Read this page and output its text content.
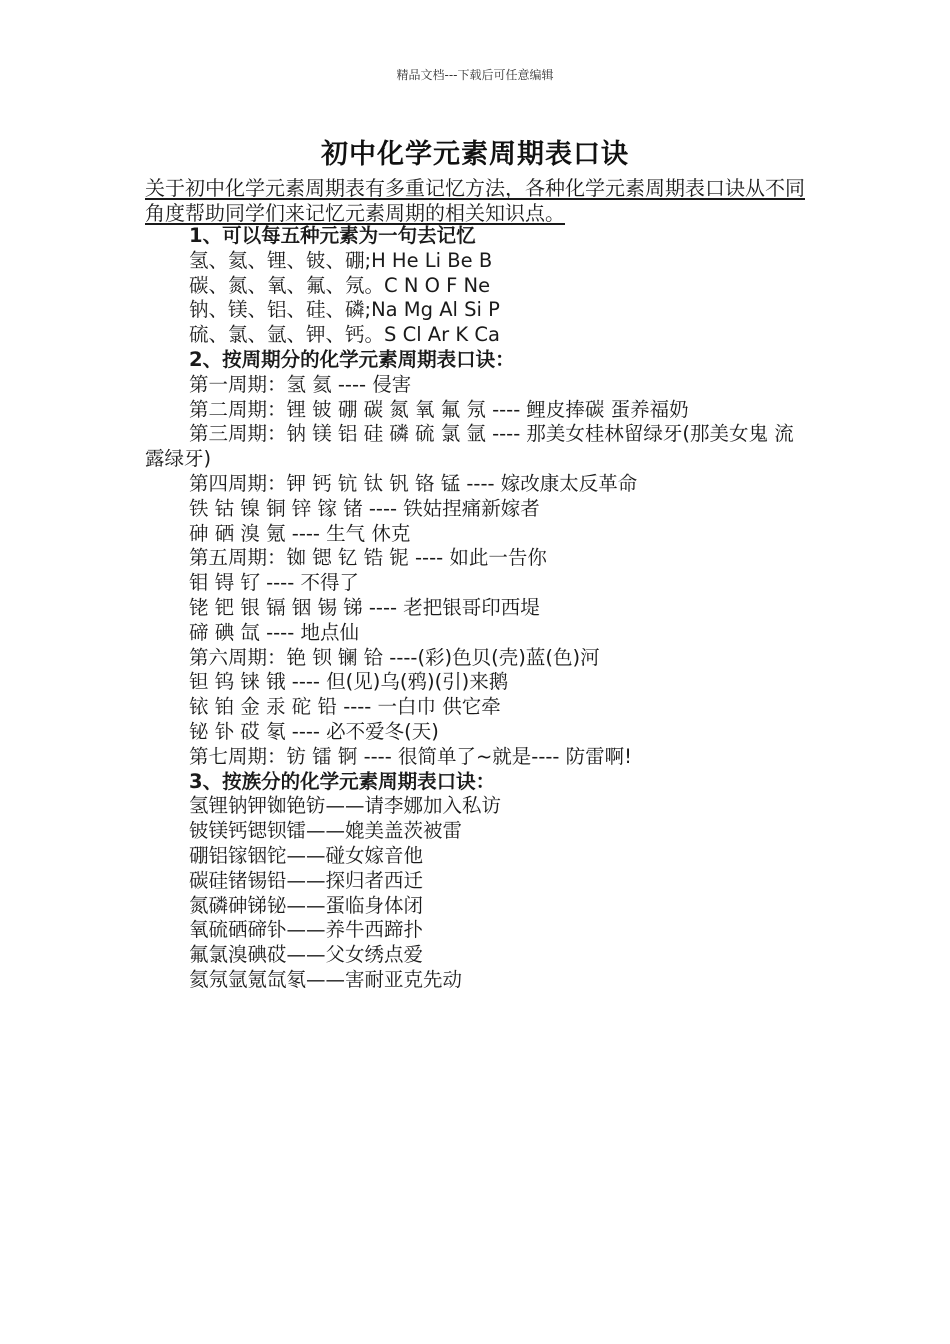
精品文档---下载后可任意编辑
初中化学元素周期表口诀
关于初中化学元素周期表有多重记忆方法，各种化学元素周期表口诀从不同角度帮助同学们来记忆元素周期的相关知识点。
1、可以每五种元素为一句去记忆
氢、氦、锂、铍、硼;H He Li Be B
碳、氮、氧、氟、氖。C N O F Ne
钠、镁、铝、硅、磷;Na Mg Al Si P
硫、氯、氩、钾、钙。S Cl Ar K Ca
2、按周期分的化学元素周期表口诀：
第一周期：氢 氦 ---- 侵害
第二周期：锂 铍 硼 碳 氮 氧 氟 氖 ---- 鲤皮捧碳 蛋养福奶
第三周期：钠 镁 铝 硅 磷 硫 氯 氩 ---- 那美女桂林留绿牙(那美女鬼 流露绿牙)
第四周期：钾 钙 钪 钛 钒 铬 锰 ---- 嫁改康太反革命
铁 钴 镍 铜 锌 镓 锗 ---- 铁姑捏痛新嫁者
砷 硒 溴 氪 ---- 生气 休克
第五周期：铷 锶 钇 锆 铌 ---- 如此一告你
钼 锝 钌 ---- 不得了
铑 钯 银 镉 铟 锡 锑 ---- 老把银哥印西堤
碲 碘 氙 ---- 地点仙
第六周期：铯 钡 镧 铪 ----(彩)色贝(壳)蓝(色)河
钽 钨 铼 锇 ---- 但(见)乌(鸦)(引)来鹅
铱 铂 金 汞 砣 铅 ---- 一白巾 供它牵
铋 钋 砹 氡 ---- 必不爱冬(天)
第七周期：钫 镭 锕 ---- 很简单了~就是---- 防雷啊!
3、按族分的化学元素周期表口诀：
氢锂钠钾铷铯钫——请李娜加入私访
铍镁钙锶钡镭——媲美盖茨被雷
硼铝镓铟铊——碰女嫁音他
碳硅锗锡铅——探归者西迁
氮磷砷锑铋——蛋临身体闭
氧硫硒碲钋——养牛西蹄扑
氟氯溴碘砹——父女绣点爱
氦氖氩氪氙氡——害耐亚克先动
